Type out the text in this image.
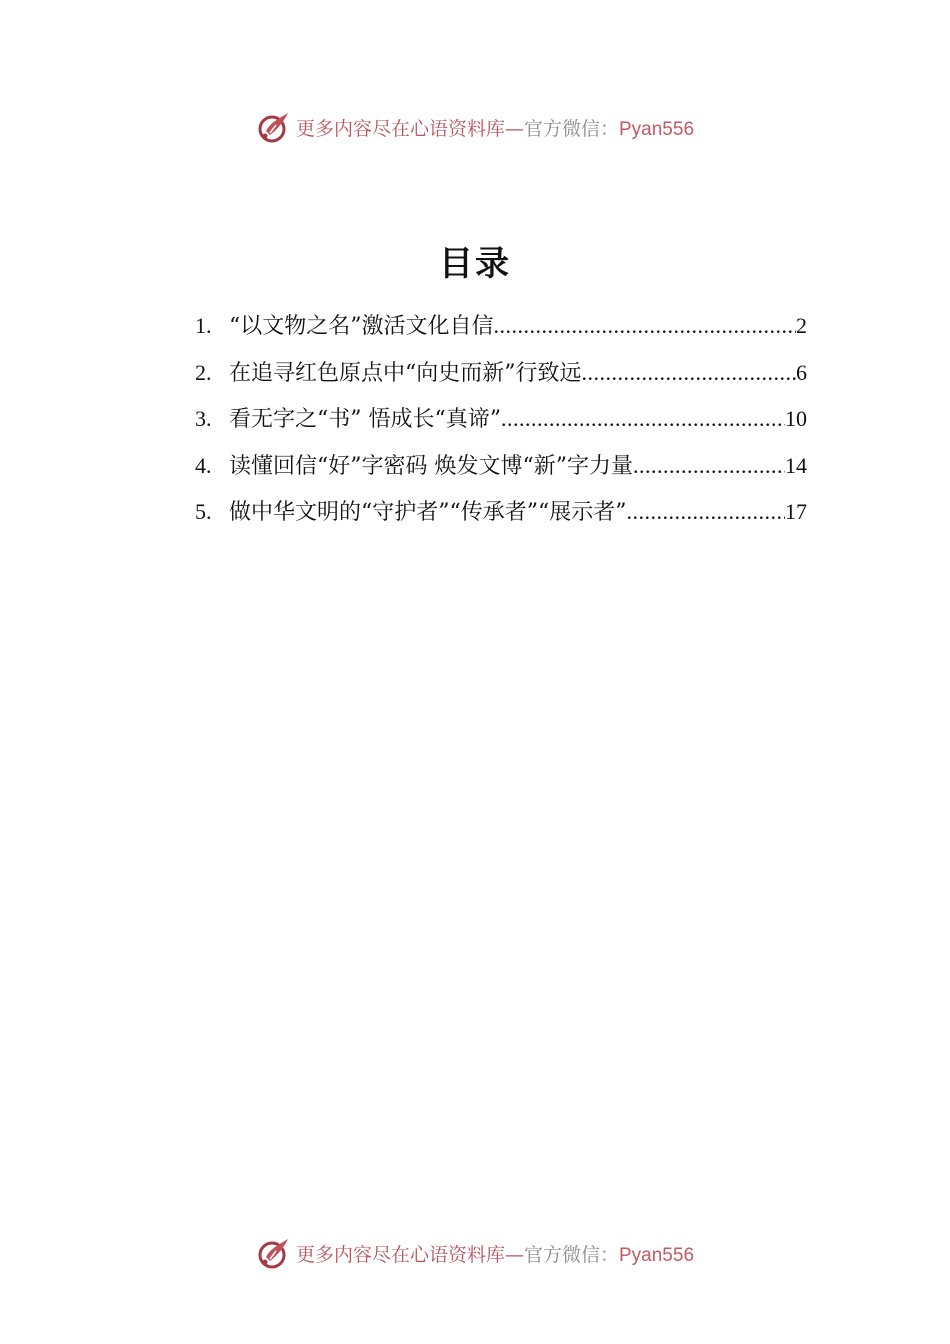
更多内容尽在心语资料库—官方微信：Pyan556
目录
1. “以文物之名”激活文化自信 .....	2
2. 在追寻红色原点中“向史而新”行致远 .....	6
3. 看无字之“书” 悟成长“真谛” .....	10
4. 读懂回信“好”字密码 焕发文博“新”字力量 .....	14
5. 做中华文明的“守护者”“传承者”“展示者” .....	17
更多内容尽在心语资料库—官方微信：Pyan556
